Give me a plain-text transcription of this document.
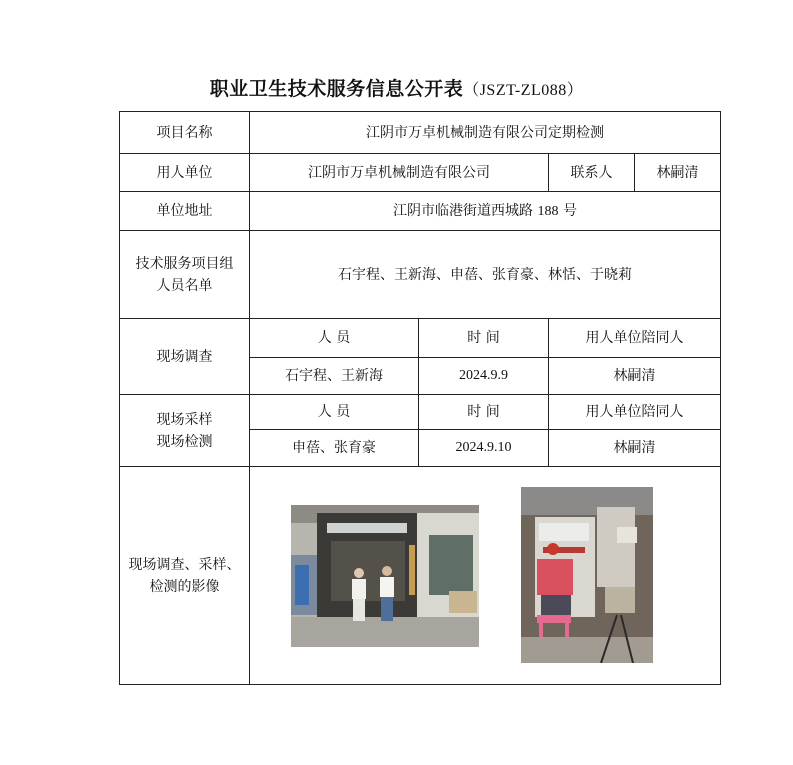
职业卫生技术服务信息公开表（JSZT-ZL088）
项目名称	江阴市万卓机械制造有限公司定期检测			
用人单位	江阴市万卓机械制造有限公司		联系人	林嗣清
单位地址	江阴市临港街道西城路 188 号			

技术服务项目组
人员名单	石宇程、王新海、申蓓、张育豪、林恬、于晓莉			
现场调查	人 员	时 间	用人单位陪同人	
	石宇程、王新海	2024.9.9	林嗣清	

现场采样
现场检测	人 员	时 间	用人单位陪同人	
	申蓓、张育豪	2024.9.10	林嗣清	

现场调查、采样、
检测的影像
